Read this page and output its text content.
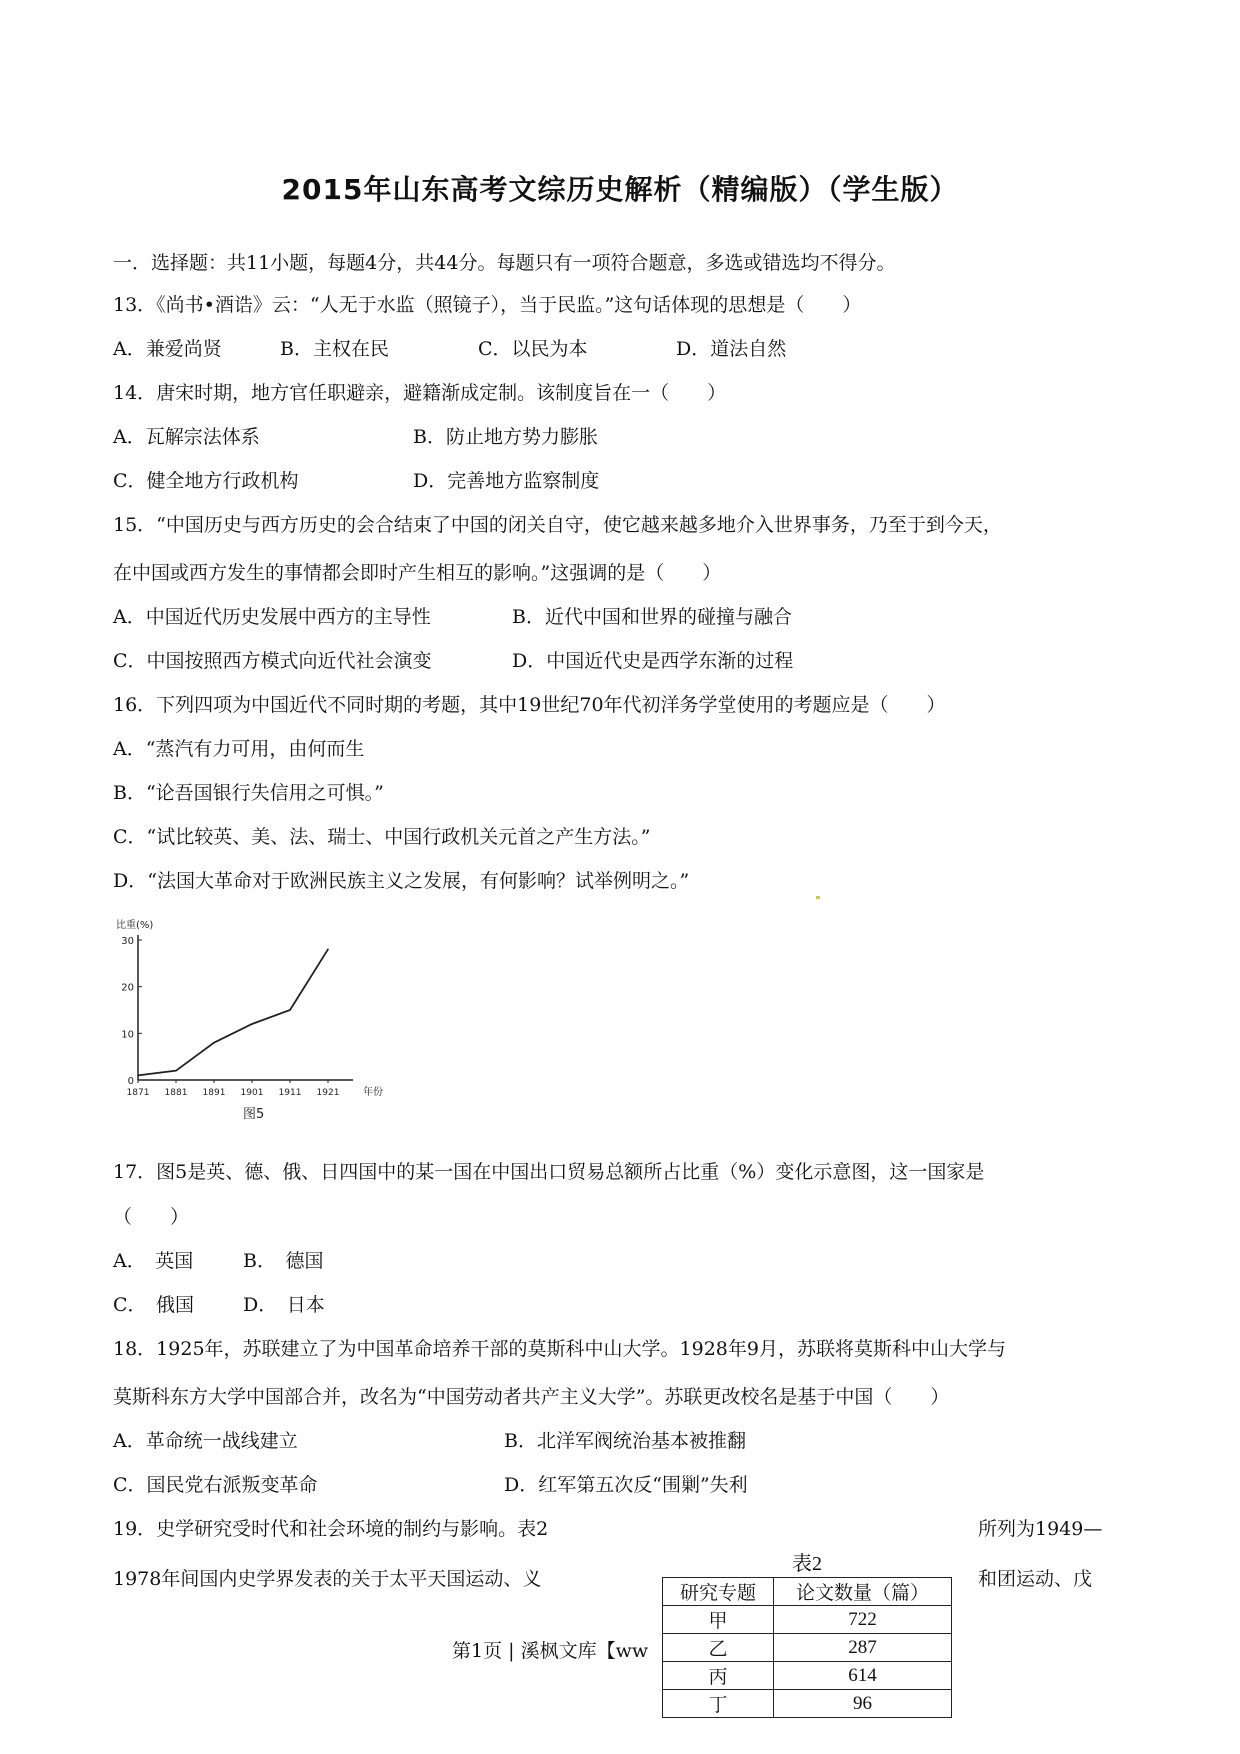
2015年山东高考文综历史解析（精编版）（学生版）
一．选择题：共11小题，每题4分，共44分。每题只有一项符合题意，多选或错选均不得分。
13．《尚书•酒诰》云：“人无于水监（照镜子），当于民监。”这句话体现的思想是（　　）
A．兼爱尚贤	B．主权在民	C．以民为本	D．道法自然
14．唐宋时期，地方官任职避亲，避籍渐成定制。该制度旨在一（　　）
A．瓦解宗法体系	B．防止地方势力膨胀
C．健全地方行政机构	D．完善地方监察制度
15．“中国历史与西方历史的会合结束了中国的闭关自守，使它越来越多地介入世界事务，乃至于到今天，
在中国或西方发生的事情都会即时产生相互的影响。”这强调的是（　　）
A．中国近代历史发展中西方的主导性	B．近代中国和世界的碰撞与融合
C．中国按照西方模式向近代社会演变	D．中国近代史是西学东渐的过程
16．下列四项为中国近代不同时期的考题，其中19世纪70年代初洋务学堂使用的考题应是（　　）
A．“蒸汽有力可用，由何而生
B．“论吾国银行失信用之可惧。”
C．“试比较英、美、法、瑞士、中国行政机关元首之产生方法。”
D．“法国大革命对于欧洲民族主义之发展，有何影响？试举例明之。”
比重(%)
0
10
20
30
1871 1881 1891 1901 1911 1921 年份
图5
17．图5是英、德、俄、日四国中的某一国在中国出口贸易总额所占比重（%）变化示意图，这一国家是
（　　）
A．　英国	B．　德国
C．　俄国	D．　日本
18．1925年，苏联建立了为中国革命培养干部的莫斯科中山大学。1928年9月，苏联将莫斯科中山大学与
莫斯科东方大学中国部合并，改名为“中国劳动者共产主义大学”。苏联更改校名是基于中国（　　）
A．革命统一战线建立	B．北洋军阀统治基本被推翻
C．国民党右派叛变革命	D．红军第五次反“围剿”失利
19．史学研究受时代和社会环境的制约与影响。表2	所列为1949—
1978年间国内史学界发表的关于太平天国运动、义	和团运动、戊
第1页 | 溪枫文库【ww
表2
研究专题	论文数量（篇）
甲	722
乙	287
丙	614
丁	96
